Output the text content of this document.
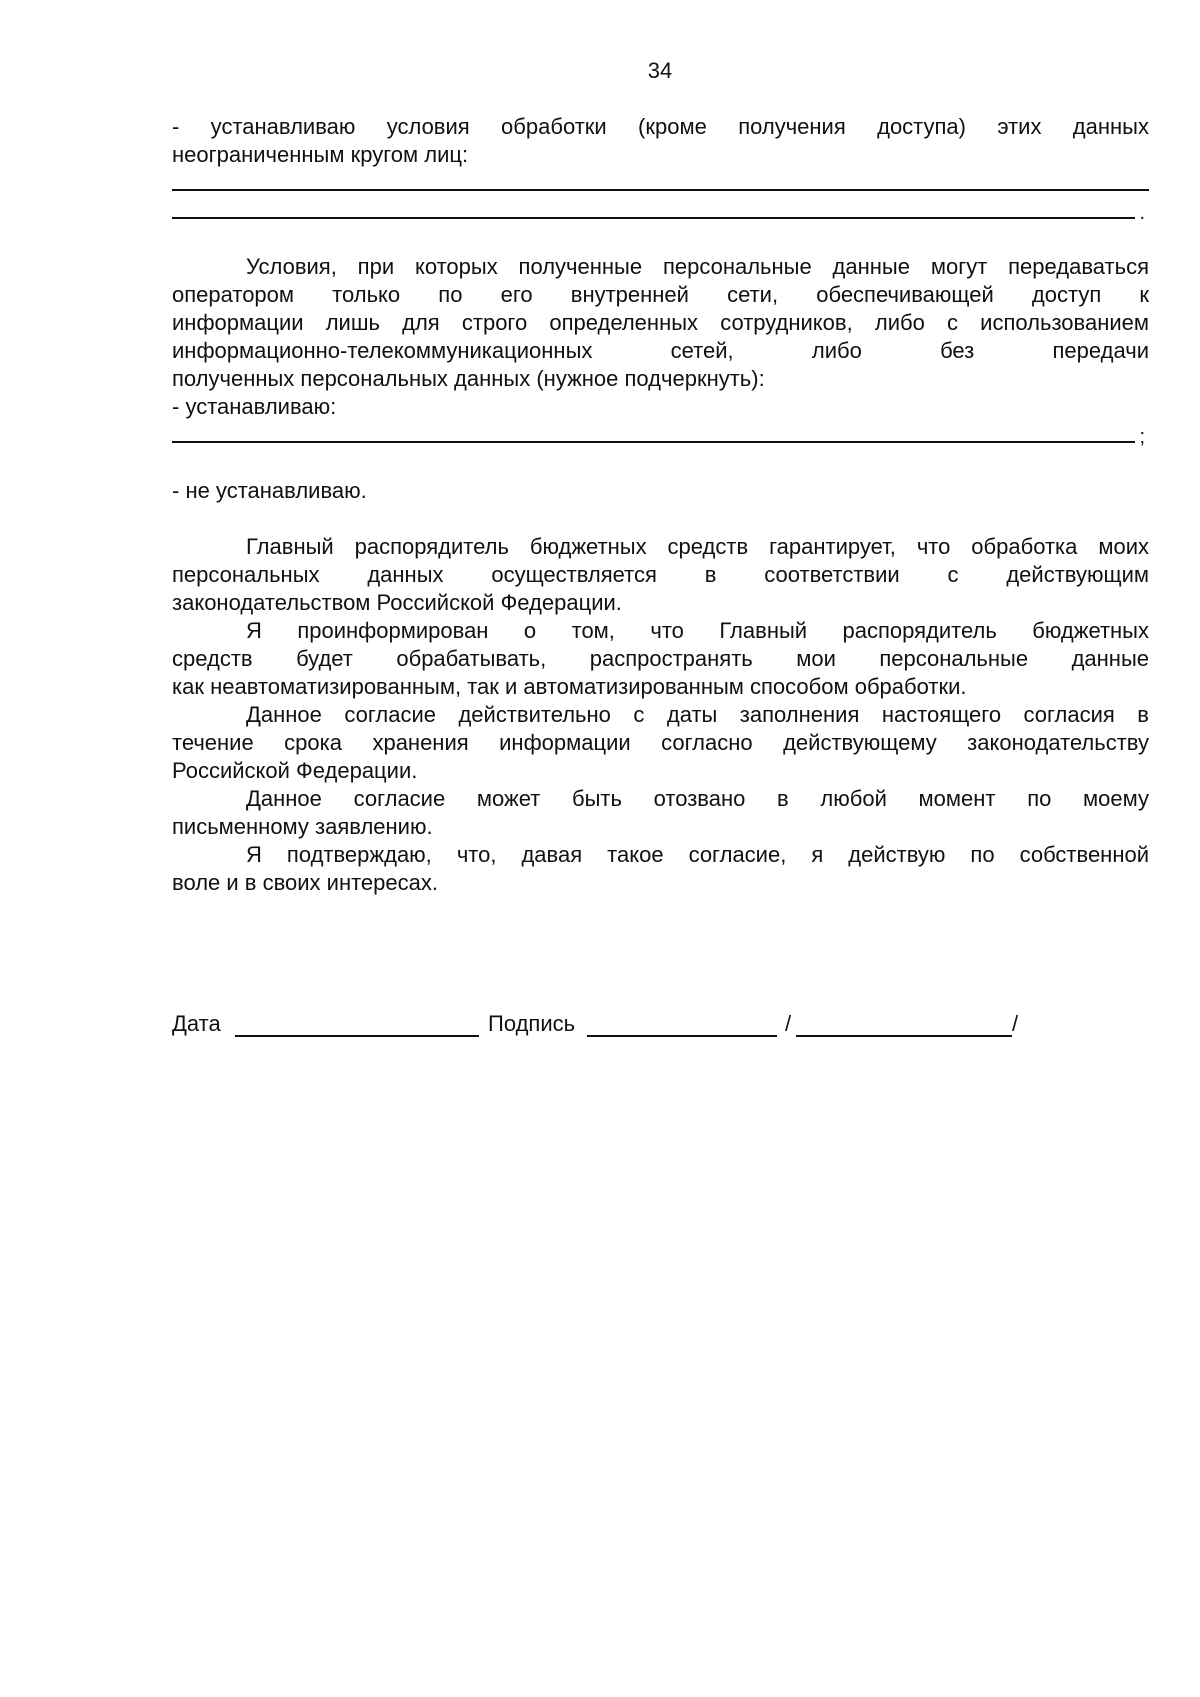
34

- устанавливаю условия обработки (кроме получения доступа) этих данных

неограниченным кругом лиц:

.

Условия, при которых полученные персональные данные могут передаваться

оператором только по его внутренней сети, обеспечивающей доступ к

информации лишь для строго определенных сотрудников, либо с использованием

информационно-телекоммуникационных сетей, либо без передачи

полученных персональных данных (нужное подчеркнуть):

- устанавливаю:

;

- не устанавливаю.

Главный распорядитель бюджетных средств гарантирует, что обработка моих

персональных данных осуществляется в соответствии с действующим

законодательством Российской Федерации.

Я проинформирован о том, что Главный распорядитель бюджетных

средств будет обрабатывать, распространять мои персональные данные

как неавтоматизированным, так и автоматизированным способом обработки.

Данное согласие действительно с даты заполнения настоящего согласия в

течение срока хранения информации согласно действующему законодательству

Российской Федерации.

Данное согласие может быть отозвано в любой момент по моему

письменному заявлению.

Я подтверждаю, что, давая такое согласие, я действую по собственной

воле и в своих интересах.

Дата	Подпись	/	/
